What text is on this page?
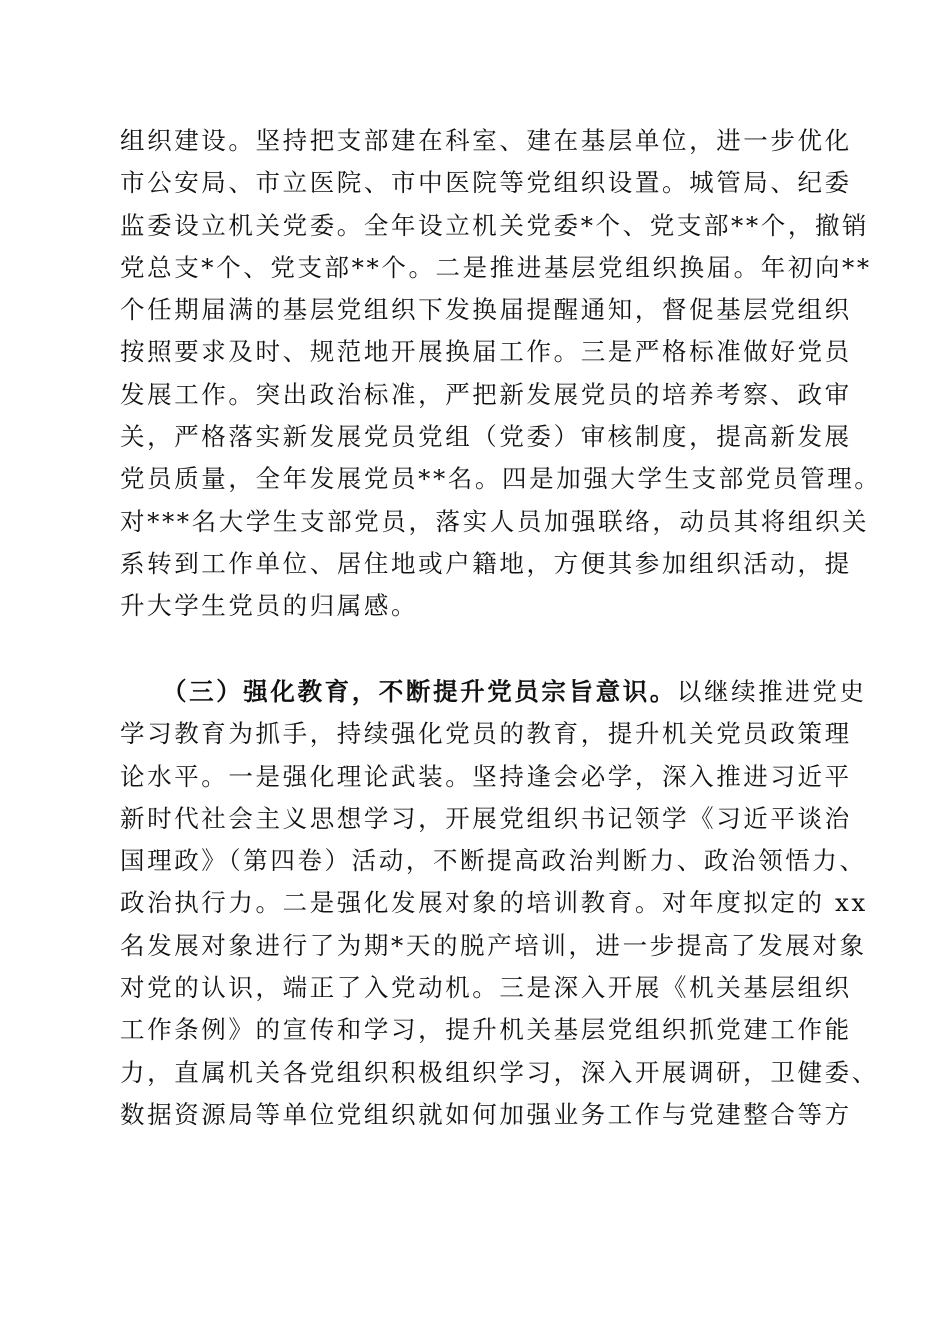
组织建设。坚持把支部建在科室、建在基层单位，进一步优化
市公安局、市立医院、市中医院等党组织设置。城管局、纪委
监委设立机关党委。全年设立机关党委*个、党支部**个，撤销
党总支*个、党支部**个。二是推进基层党组织换届。年初向**
个任期届满的基层党组织下发换届提醒通知，督促基层党组织
按照要求及时、规范地开展换届工作。三是严格标准做好党员
发展工作。突出政治标准，严把新发展党员的培养考察、政审
关，严格落实新发展党员党组（党委）审核制度，提高新发展
党员质量，全年发展党员**名。四是加强大学生支部党员管理。
对***名大学生支部党员，落实人员加强联络，动员其将组织关
系转到工作单位、居住地或户籍地，方便其参加组织活动，提
升大学生党员的归属感。
（三）强化教育，不断提升党员宗旨意识。以继续推进党史
学习教育为抓手，持续强化党员的教育，提升机关党员政策理
论水平。一是强化理论武装。坚持逢会必学，深入推进习近平
新时代社会主义思想学习，开展党组织书记领学《习近平谈治
国理政》（第四卷）活动，不断提高政治判断力、政治领悟力、
政治执行力。二是强化发展对象的培训教育。对年度拟定的 xx
名发展对象进行了为期*天的脱产培训，进一步提高了发展对象
对党的认识，端正了入党动机。三是深入开展《机关基层组织
工作条例》的宣传和学习，提升机关基层党组织抓党建工作能
力，直属机关各党组织积极组织学习，深入开展调研，卫健委、
数据资源局等单位党组织就如何加强业务工作与党建整合等方
